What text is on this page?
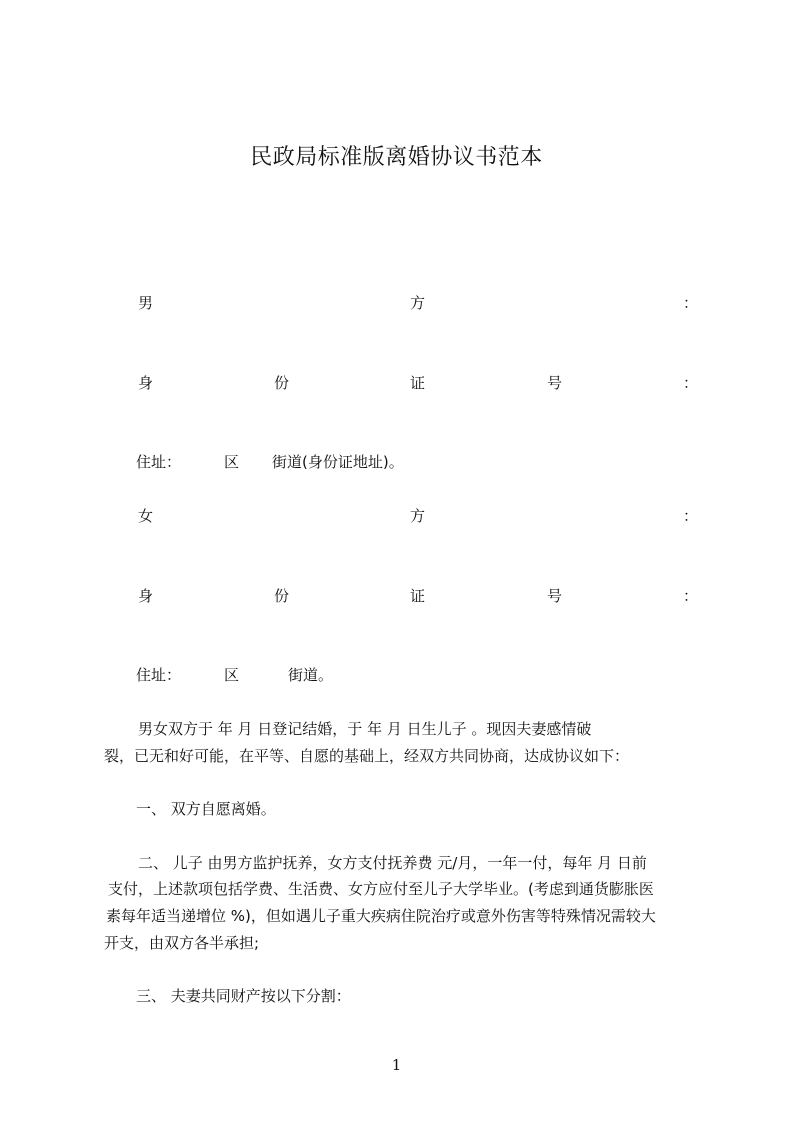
民政局标准版离婚协议书范本
男	方	：
身	份	证	号	：
住址：	区 街道(身份证地址)。
女	方	：
身	份	证	号	：
住址：	区	街道。
男女双方于 年 月 日登记结婚，于 年 月 日生儿子 。现因夫妻感情破
裂，已无和好可能，在平等、自愿的基础上，经双方共同协商，达成协议如下：
一、 双方自愿离婚。
二、 儿子 由男方监护抚养，女方支付抚养费 元/月，一年一付，每年 月 日前
支付，上述款项包括学费、生活费、女方应付至儿子大学毕业。(考虑到通货膨胀医
素每年适当递增位 %)，但如遇儿子重大疾病住院治疗或意外伤害等特殊情况需较大
开支，由双方各半承担;
三、 夫妻共同财产按以下分割：
1
